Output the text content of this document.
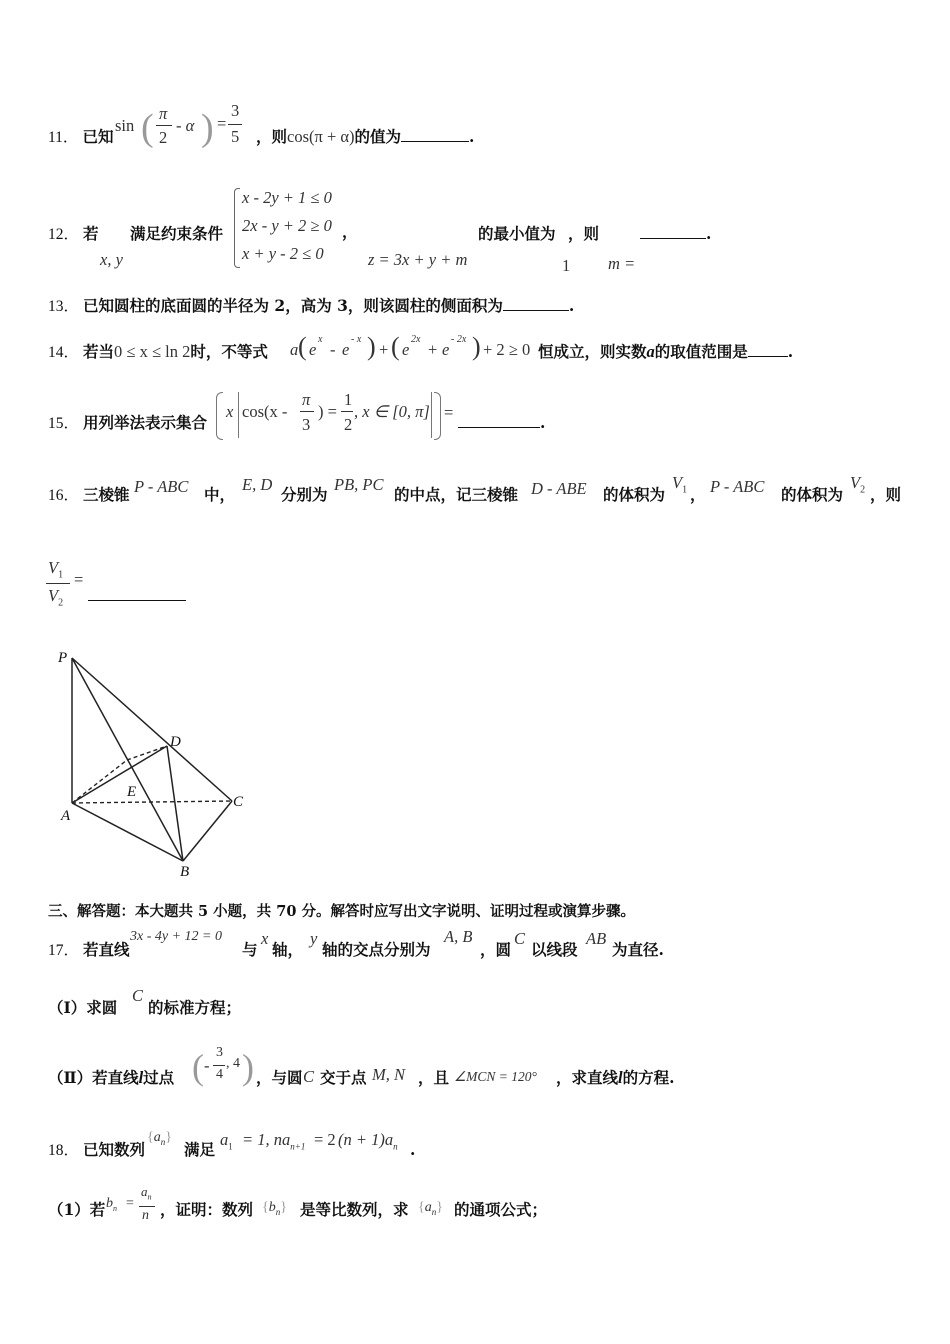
11． 已知
sin ( π
2
- α ) =
3
5 ，则cos(π + α)的值为	.
12． 若
x, y
满足约束条件
x - 2y + 1 ≤ 0
2x - y + 2 ≥ 0
x + y - 2 ≤ 0
，
z = 3x + y + m
的最小值为
1
，则
m =
.
13． 已知圆柱的底面圆的半径为 2，高为 3，则该圆柱的侧面积为	.
14． 若当0 ≤ x ≤ ln 2时，不等式 a ( e
x
- e
- x ) + ( e
2x
+ e
- 2x ) + 2 ≥ 0 恒成立，则实数a的取值范围是	.
15． 用列举法表示集合
x cos(x -
π
3
) =
1
2
, x ∈ [0, π] =
.
16． 三棱锥 P - ABC 中，
E, D
分别为
PB, PC
的中点，记三棱锥 D - ABE 的体积为
$V_1$ ， P - ABC 的体积为
$V_2$ ，则
$V_1$
$V_2$
=
P
D
E
A
C
B
三、解答题：本大题共 5 小题，共 70 分。解答时应写出文字说明、证明过程或演算步骤。
17． 若直线
3x - 4y + 12 = 0
与
x
轴，
y
轴的交点分别为
A, B
，圆
C
以线段
AB
为直径.
（Ⅰ）求圆
C
的标准方程；
（Ⅱ）若直线l过点 ( -
3
4
, 4 ) ，与圆 C 交于点 M, N ，且 ∠MCN = 120° ，求直线l的方程.
18． 已知数列
$\{a_n\}$
满足
$a_1 = 1$, $na_{n+1} = 2$ $(n + 1)a_n$ .
（1）若 $b_n$ =
$a_n$
n ，证明：数列 $\{b_n\}$ 是等比数列，求 $\{a_n\}$ 的通项公式；
